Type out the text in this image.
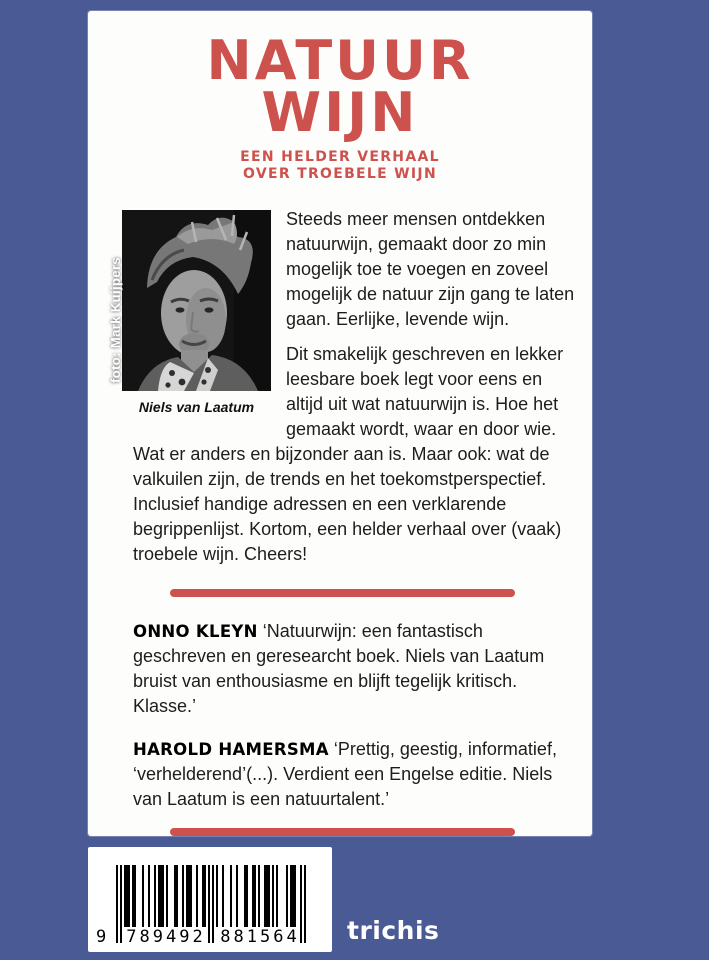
NATUUR
WIJN

EEN HELDER VERHAAL
OVER TROEBELE WIJN

foto: Mark Kuijpers
Niels van Laatum

Steeds meer mensen ontdekken natuurwijn, gemaakt door zo min mogelijk toe te voegen en zoveel mogelijk de natuur zijn gang te laten gaan. Eerlijke, levende wijn.

Dit smakelijk geschreven en lekker leesbare boek legt voor eens en altijd uit wat natuurwijn is. Hoe het gemaakt wordt, waar en door wie. Wat er anders en bijzonder aan is. Maar ook: wat de valkuilen zijn, de trends en het toekomstperspectief. Inclusief handige adressen en een verklarende begrippenlijst. Kortom, een helder verhaal over (vaak) troebele wijn. Cheers!

ONNO KLEYN ‘Natuurwijn: een fantastisch geschreven en geresearcht boek. Niels van Laatum bruist van enthousiasme en blijft tegelijk kritisch. Klasse.’

HAROLD HAMERSMA ‘Prettig, geestig, informatief, ‘verhelderend’(...). Verdient een Engelse editie. Niels van Laatum is een natuurtalent.’

9 789492 881564 trichis
